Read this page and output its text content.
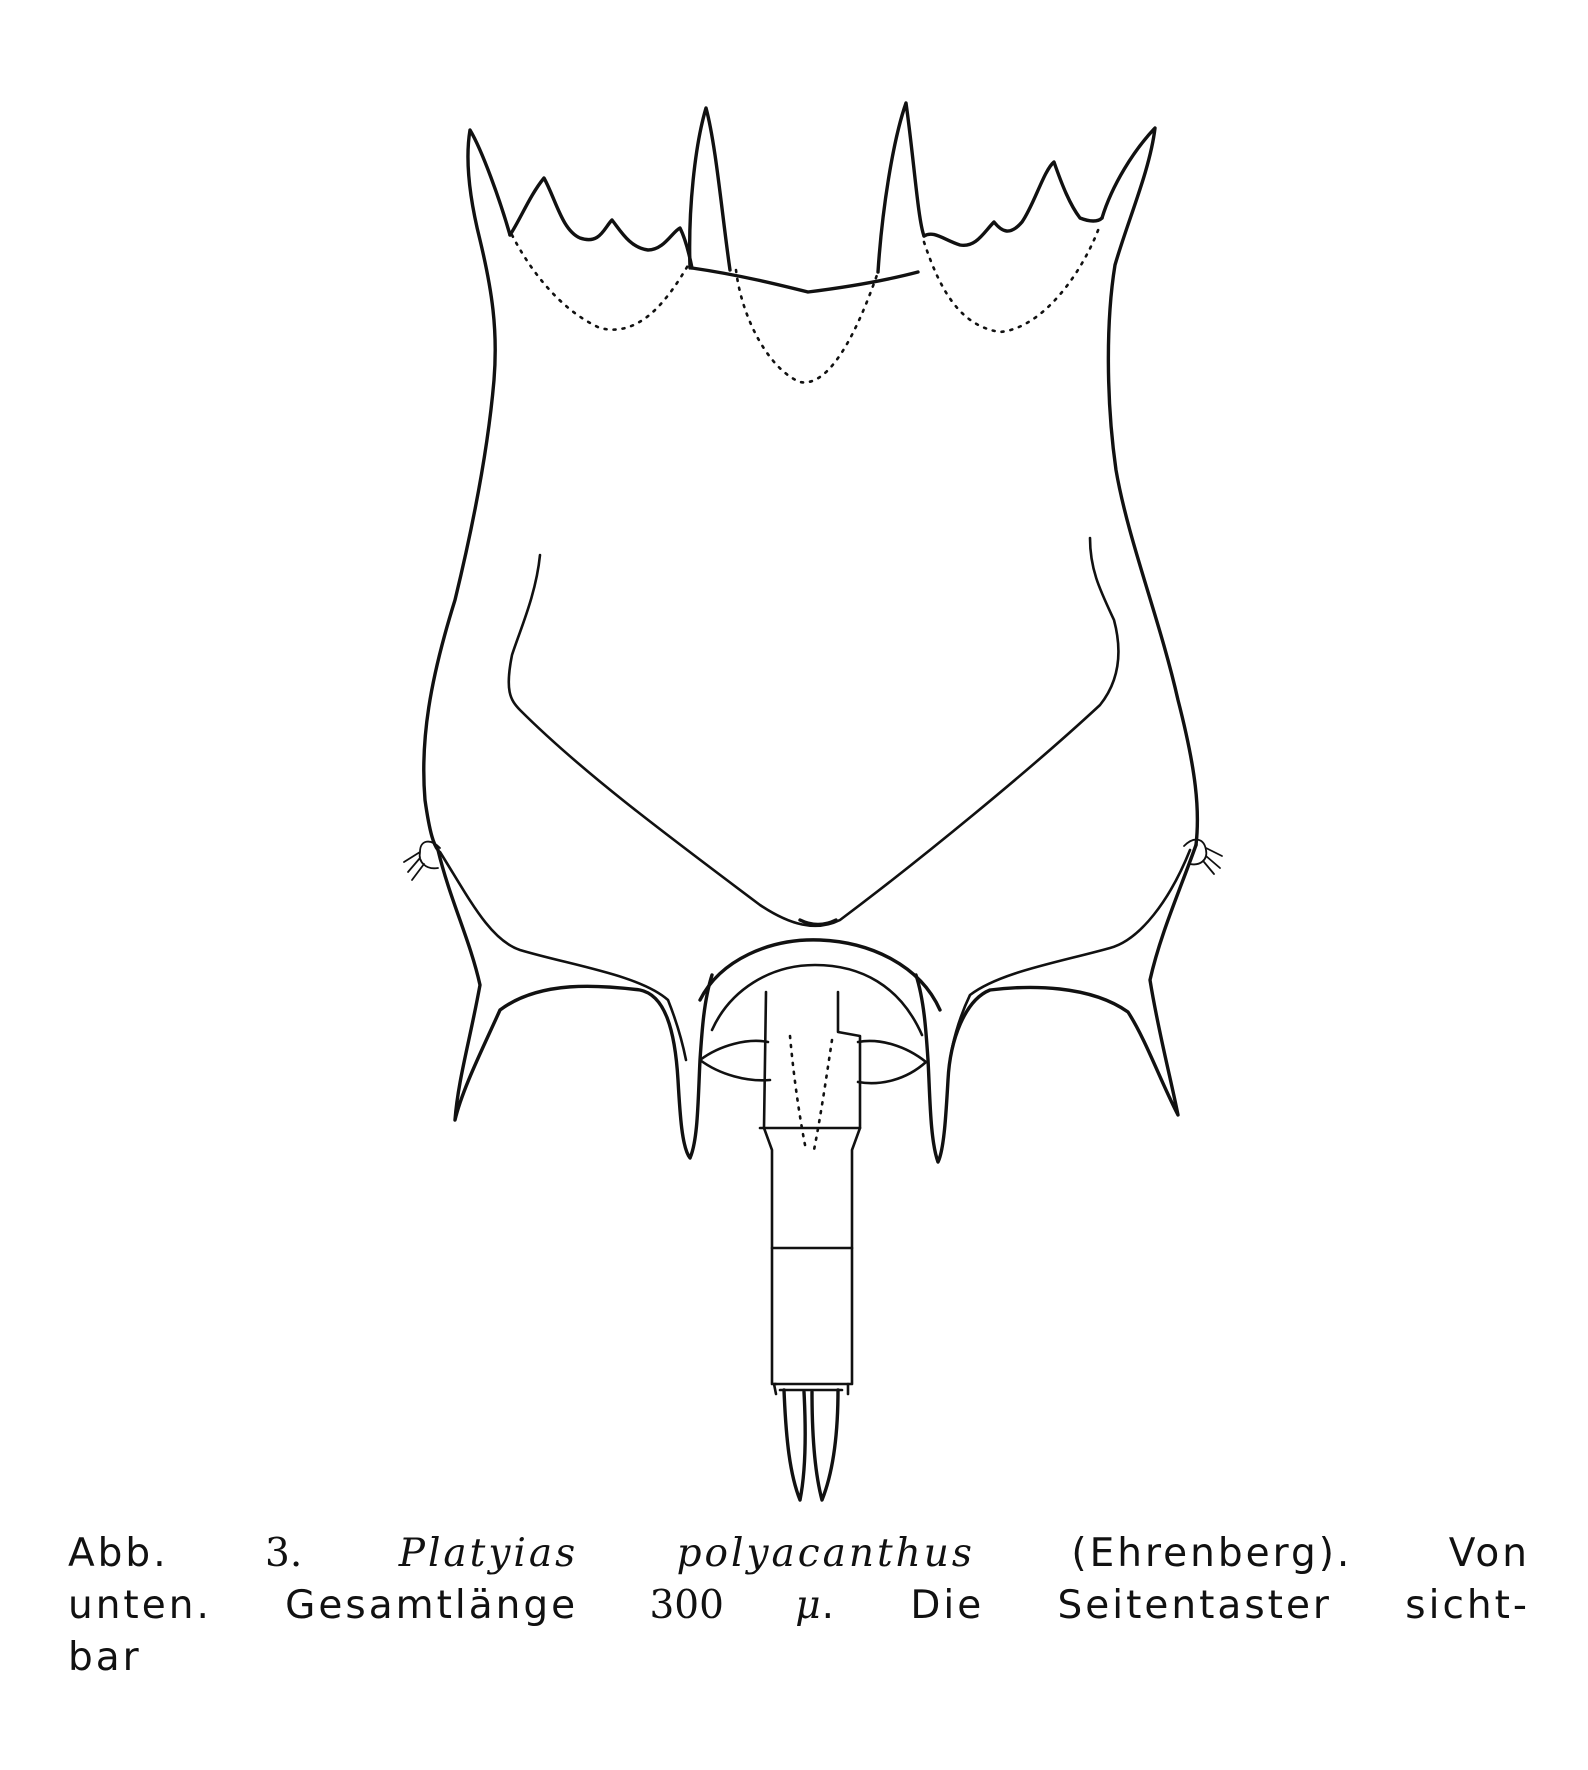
Abb. 3. Platyias polyacanthus (Ehrenberg). Von
unten. Gesamtlänge 300 μ. Die Seitentaster sicht-
bar
